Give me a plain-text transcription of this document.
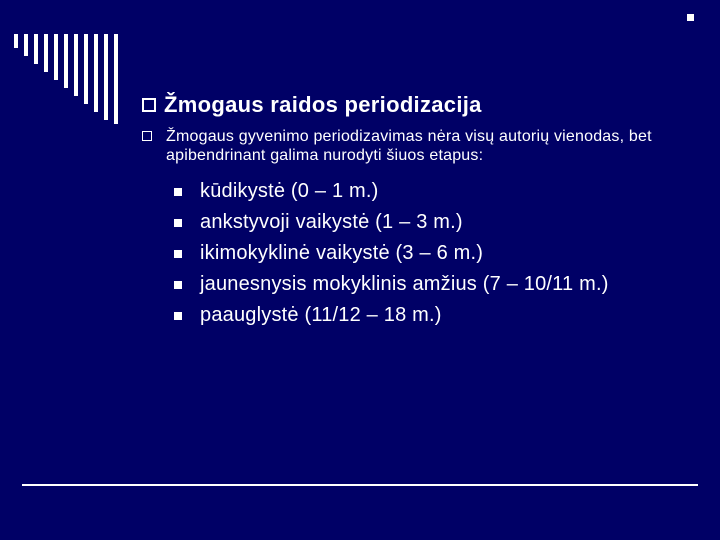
Žmogaus raidos periodizacija
Žmogaus gyvenimo periodizavimas nėra visų autorių vienodas, bet apibendrinant galima nurodyti šiuos etapus:
kūdikystė (0 – 1 m.)
ankstyvoji vaikystė (1 – 3 m.)
ikimokyklinė vaikystė (3 – 6 m.)
jaunesnysis mokyklinis amžius (7 – 10/11 m.)
paauglystė (11/12 – 18 m.)
